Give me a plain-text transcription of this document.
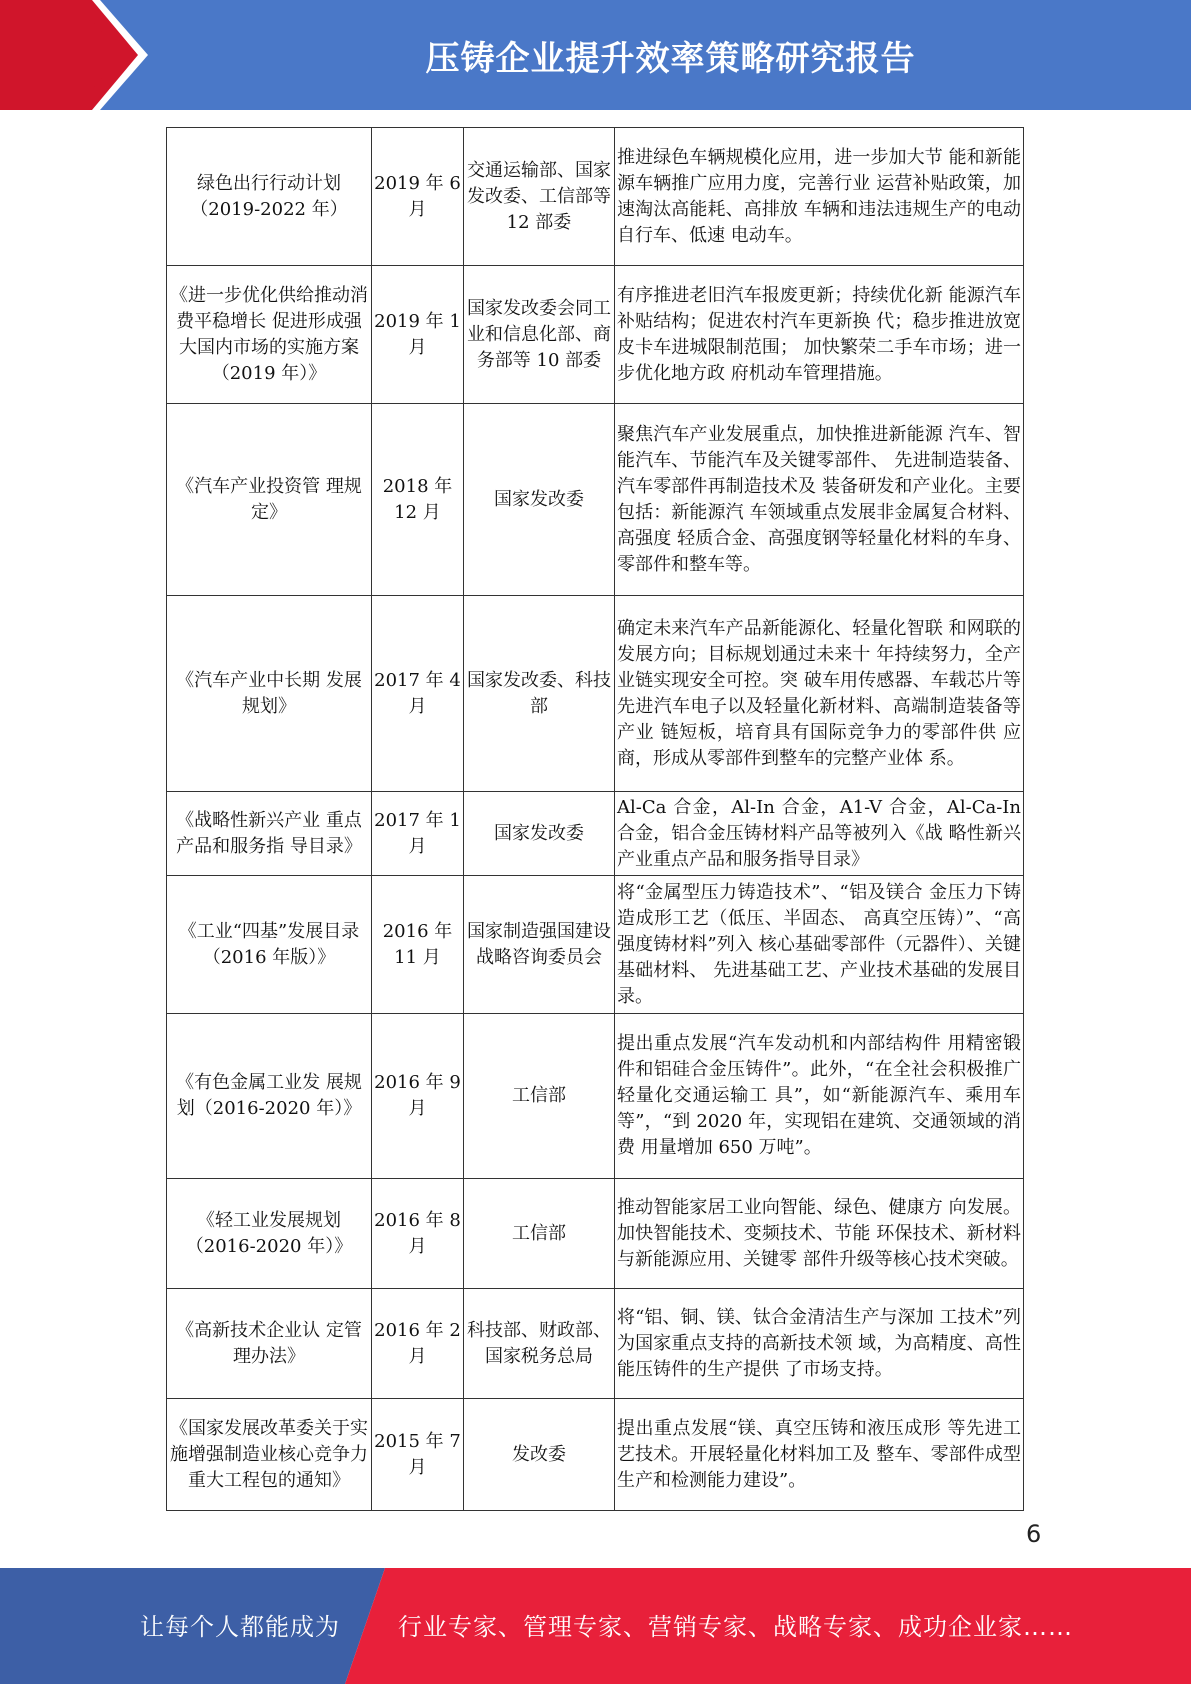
压铸企业提升效率策略研究报告
绿色出行行动计划（2019-2022 年）	2019 年 6 月	交通运输部、国家发改委、工信部等 12 部委	推进绿色车辆规模化应用，进一步加大节 能和新能源车辆推广应用力度，完善行业 运营补贴政策，加速淘汰高能耗、高排放 车辆和违法违规生产的电动自行车、低速 电动车。
《进一步优化供给推动消费平稳增长 促进形成强大国内市场的实施方案（2019 年）》	2019 年 1 月	国家发改委会同工业和信息化部、商务部等 10 部委	有序推进老旧汽车报废更新；持续优化新 能源汽车补贴结构；促进农村汽车更新换 代；稳步推进放宽皮卡车进城限制范围； 加快繁荣二手车市场；进一步优化地方政 府机动车管理措施。
《汽车产业投资管 理规定》	2018 年 12 月	国家发改委	聚焦汽车产业发展重点，加快推进新能源 汽车、智能汽车、节能汽车及关键零部件、 先进制造装备、汽车零部件再制造技术及 装备研发和产业化。主要包括：新能源汽 车领域重点发展非金属复合材料、高强度 轻质合金、高强度钢等轻量化材料的车身、 零部件和整车等。
《汽车产业中长期 发展规划》	2017 年 4 月	国家发改委、科技部	确定未来汽车产品新能源化、轻量化智联 和网联的发展方向；目标规划通过未来十 年持续努力，全产业链实现安全可控。突 破车用传感器、车载芯片等先进汽车电子以及轻量化新材料、高端制造装备等产业 链短板，培育具有国际竞争力的零部件供 应商，形成从零部件到整车的完整产业体 系。
《战略性新兴产业 重点产品和服务指 导目录》	2017 年 1 月	国家发改委	Al-Ca 合金，Al-In 合金，A1-V 合金，Al-Ca-In 合金，铝合金压铸材料产品等被列入《战 略性新兴产业重点产品和服务指导目录》
《工业“四基”发展目录（2016 年版）》	2016 年 11 月	国家制造强国建设战略咨询委员会	将“金属型压力铸造技术”、“铝及镁合 金压力下铸造成形工艺（低压、半固态、 高真空压铸）”、“高强度铸材料”列入 核心基础零部件（元器件）、关键基础材料、 先进基础工艺、产业技术基础的发展目录。
《有色金属工业发 展规划（2016-2020 年）》	2016 年 9 月	工信部	提出重点发展“汽车发动机和内部结构件 用精密锻件和铝硅合金压铸件”。此外，“在全社会积极推广轻量化交通运输工 具”，如“新能源汽车、乘用车等”，“到 2020 年，实现铝在建筑、交通领域的消费 用量增加 650 万吨”。
《轻工业发展规划（2016-2020 年）》	2016 年 8 月	工信部	推动智能家居工业向智能、绿色、健康方 向发展。加快智能技术、变频技术、节能 环保技术、新材料与新能源应用、关键零 部件升级等核心技术突破。
《高新技术企业认 定管理办法》	2016 年 2 月	科技部、财政部、国家税务总局	将“铝、铜、镁、钛合金清洁生产与深加 工技术”列为国家重点支持的高新技术领 域，为高精度、高性能压铸件的生产提供 了市场支持。
《国家发展改革委关于实施增强制造业核心竞争力重大工程包的通知》	2015 年 7 月	发改委	提出重点发展“镁、真空压铸和液压成形 等先进工艺技术。开展轻量化材料加工及 整车、零部件成型生产和检测能力建设”。
6
让每个人都能成为	行业专家、管理专家、营销专家、战略专家、成功企业家……
